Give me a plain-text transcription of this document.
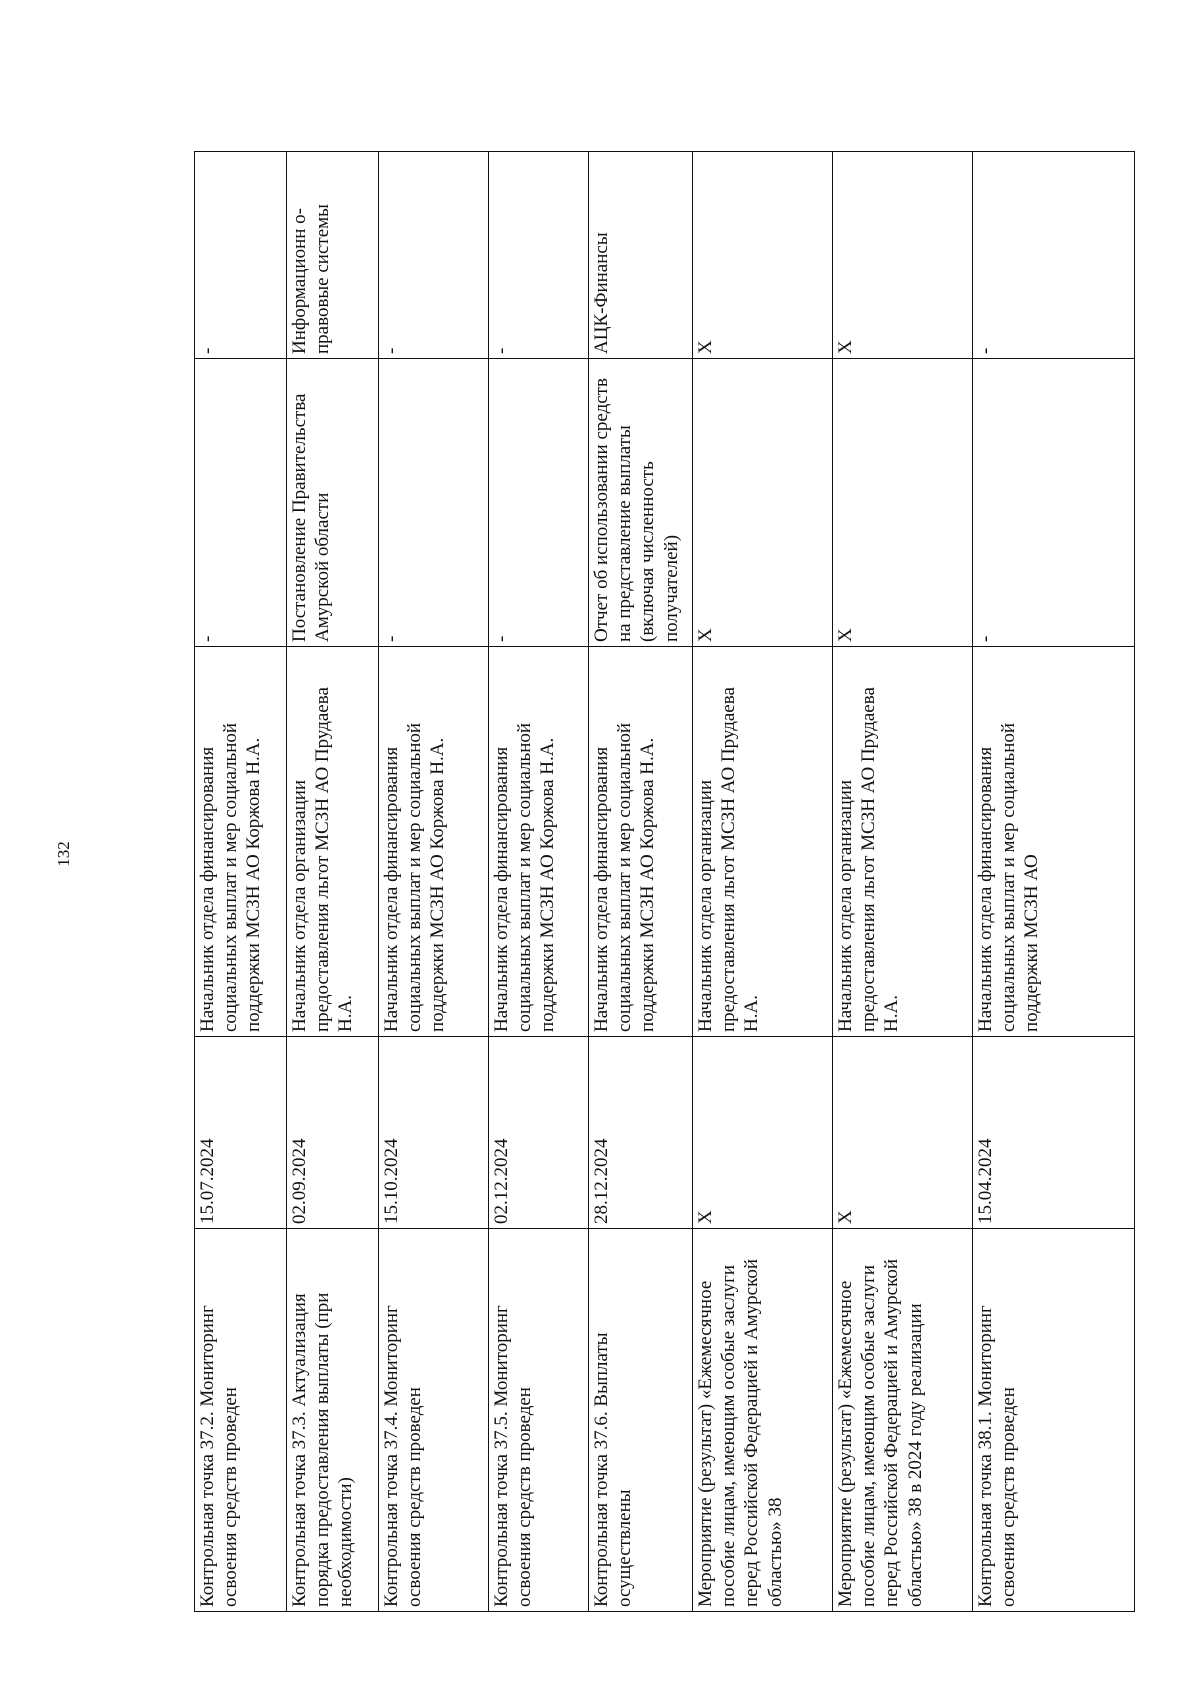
132
Контрольная точка 37.2. Мониторинг освоения средств проведен	15.07.2024	Начальник отдела финансирования социальных выплат и мер социальной поддержки МСЗН АО Коржова Н.А.	-	-
Контрольная точка 37.3. Актуализация порядка предоставления выплаты (при необходимости)	02.09.2024	Начальник отдела организации предоставления льгот МСЗН АО Прудаева Н.А.	Постановление Правительства Амурской области	Информационн о-правовые системы
Контрольная точка 37.4. Мониторинг освоения средств проведен	15.10.2024	Начальник отдела финансирования социальных выплат и мер социальной поддержки МСЗН АО Коржова Н.А.	-	-
Контрольная точка 37.5. Мониторинг освоения средств проведен	02.12.2024	Начальник отдела финансирования социальных выплат и мер социальной поддержки МСЗН АО Коржова Н.А.	-	-
Контрольная точка 37.6. Выплаты осуществлены	28.12.2024	Начальник отдела финансирования социальных выплат и мер социальной поддержки МСЗН АО Коржова Н.А.	Отчет об использовании средств на представление выплаты (включая численность получателей)	АЦК-Финансы
Мероприятие (результат) «Ежемесячное пособие лицам, имеющим особые заслуги перед Российской Федерацией и Амурской областью» 38	X	Начальник отдела организации предоставления льгот МСЗН АО Прудаева Н.А.	X	X
Мероприятие (результат) «Ежемесячное пособие лицам, имеющим особые заслуги перед Российской Федерацией и Амурской областью» 38 в 2024 году реализации	X	Начальник отдела организации предоставления льгот МСЗН АО Прудаева Н.А.	X	X
Контрольная точка 38.1. Мониторинг освоения средств проведен	15.04.2024	Начальник отдела финансирования социальных выплат и мер социальной поддержки МСЗН АО	-	-
